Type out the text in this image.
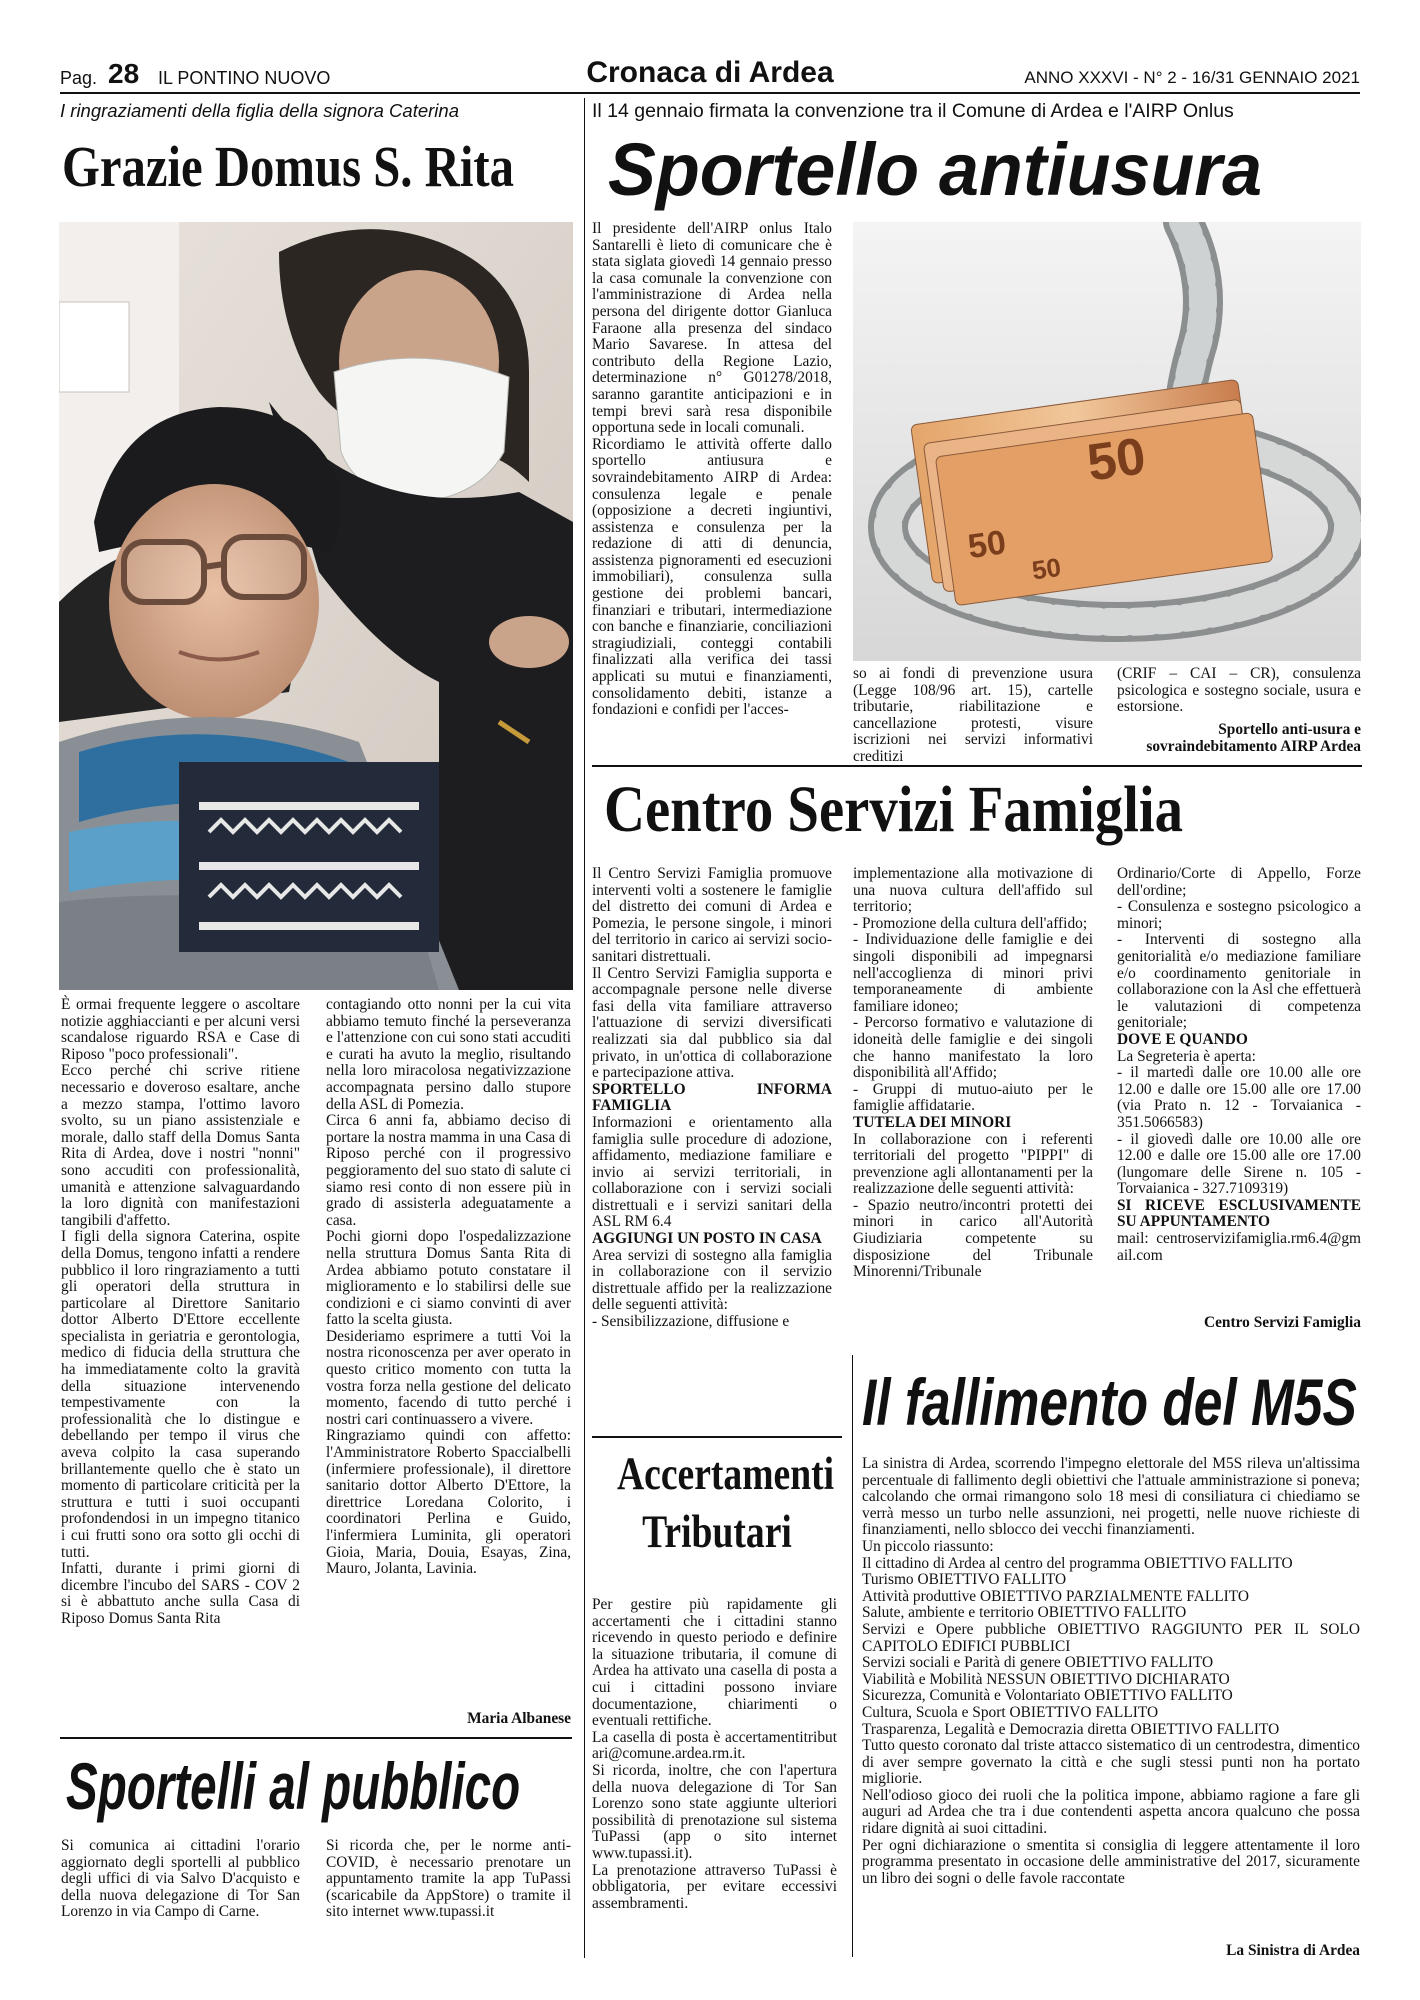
Pag. 28 IL PONTINO NUOVO	Cronaca di Ardea	ANNO XXXVI - N° 2 - 16/31 GENNAIO 2021
I ringraziamenti della figlia della signora Caterina
Grazie Domus S. Rita

È ormai frequente leggere o ascoltare notizie agghiaccianti e per alcuni versi scandalose riguardo RSA e Case di Riposo "poco professionali".

Ecco perché chi scrive ritiene necessario e doveroso esaltare, anche a mezzo stampa, l'ottimo lavoro svolto, su un piano assistenziale e morale, dallo staff della Domus Santa Rita di Ardea, dove i nostri "nonni" sono accuditi con professionalità, umanità e attenzione salvaguardando la loro dignità con manifestazioni tangibili d'affetto.

I figli della signora Caterina, ospite della Domus, tengono infatti a rendere pubblico il loro ringraziamento a tutti gli operatori della struttura in particolare al Direttore Sanitario dottor Alberto D'Ettore eccellente specialista in geriatria e gerontologia, medico di fiducia della struttura che ha immediatamente colto la gravità della situazione intervenendo tempestivamente con la professionalità che lo distingue e debellando per tempo il virus che aveva colpito la casa superando brillantemente quello che è stato un momento di particolare criticità per la struttura e tutti i suoi occupanti profondendosi in un impegno titanico i cui frutti sono ora sotto gli occhi di tutti.

Infatti, durante i primi giorni di dicembre l'incubo del SARS - COV 2 si è abbattuto anche sulla Casa di Riposo Domus Santa Rita

contagiando otto nonni per la cui vita abbiamo temuto finché la perseveranza e l'attenzione con cui sono stati accuditi e curati ha avuto la meglio, risultando nella loro miracolosa negativizzazione accompagnata persino dallo stupore della ASL di Pomezia.

Circa 6 anni fa, abbiamo deciso di portare la nostra mamma in una Casa di Riposo perché con il progressivo peggioramento del suo stato di salute ci siamo resi conto di non essere più in grado di assisterla adeguatamente a casa.

Pochi giorni dopo l'ospedalizzazione nella struttura Domus Santa Rita di Ardea abbiamo potuto constatare il miglioramento e lo stabilirsi delle sue condizioni e ci siamo convinti di aver fatto la scelta giusta.

Desideriamo esprimere a tutti Voi la nostra riconoscenza per aver operato in questo critico momento con tutta la vostra forza nella gestione del delicato momento, facendo di tutto perché i nostri cari continuassero a vivere.

Ringraziamo quindi con affetto: l'Amministratore Roberto Spaccialbelli (infermiere professionale), il direttore sanitario dottor Alberto D'Ettore, la direttrice Loredana Colorito, i coordinatori Perlina e Guido, l'infermiera Luminita, gli operatori Gioia, Maria, Douia, Esayas, Zina, Mauro, Jolanta, Lavinia.

Maria Albanese
Sportelli al pubblico

Si comunica ai cittadini l'orario aggiornato degli sportelli al pubblico degli uffici di via Salvo D'acquisto e della nuova delegazione di Tor San Lorenzo in via Campo di Carne.

Si ricorda che, per le norme anti-COVID, è necessario prenotare un appuntamento tramite la app TuPassi (scaricabile da AppStore) o tramite il sito internet www.tupassi.it

Il 14 gennaio firmata la convenzione tra il Comune di Ardea e l'AIRP Onlus
Sportello antiusura

Il presidente dell'AIRP onlus Italo Santarelli è lieto di comunicare che è stata siglata giovedì 14 gennaio presso la casa comunale la convenzione con l'amministrazione di Ardea nella persona del dirigente dottor Gianluca Faraone alla presenza del sindaco Mario Savarese. In attesa del contributo della Regione Lazio, determinazione n° G01278/2018, saranno garantite anticipazioni e in tempi brevi sarà resa disponibile opportuna sede in locali comunali.

Ricordiamo le attività offerte dallo sportello antiusura e sovraindebitamento AIRP di Ardea: consulenza legale e penale (opposizione a decreti ingiuntivi, assistenza e consulenza per la redazione di atti di denuncia, assistenza pignoramenti ed esecuzioni immobiliari), consulenza sulla gestione dei problemi bancari, finanziari e tributari, intermediazione con banche e finanziarie, conciliazioni stragiudiziali, conteggi contabili finalizzati alla verifica dei tassi applicati su mutui e finanziamenti, consolidamento debiti, istanze a fondazioni e confidi per l'acces-

50
50
50

so ai fondi di prevenzione usura (Legge 108/96 art. 15), cartelle tributarie, riabilitazione e cancellazione protesti, visure iscrizioni nei servizi informativi creditizi

(CRIF – CAI – CR), consulenza psicologica e sostegno sociale, usura e estorsione.

Sportello anti-usura e sovraindebitamento AIRP Ardea
Centro Servizi Famiglia

Il Centro Servizi Famiglia promuove interventi volti a sostenere le famiglie del distretto dei comuni di Ardea e Pomezia, le persone singole, i minori del territorio in carico ai servizi socio-sanitari distrettuali.

Il Centro Servizi Famiglia supporta e accompagnale persone nelle diverse fasi della vita familiare attraverso l'attuazione di servizi diversificati realizzati sia dal pubblico sia dal privato, in un'ottica di collaborazione e partecipazione attiva.

SPORTELLO INFORMA FAMIGLIA

Informazioni e orientamento alla famiglia sulle procedure di adozione, affidamento, mediazione familiare e invio ai servizi territoriali, in collaborazione con i servizi sociali distrettuali e i servizi sanitari della ASL RM 6.4

AGGIUNGI UN POSTO IN CASA

Area servizi di sostegno alla famiglia in collaborazione con il servizio distrettuale affido per la realizzazione delle seguenti attività:

- Sensibilizzazione, diffusione e

implementazione alla motivazione di una nuova cultura dell'affido sul territorio;

- Promozione della cultura dell'affido;

- Individuazione delle famiglie e dei singoli disponibili ad impegnarsi nell'accoglienza di minori privi temporaneamente di ambiente familiare idoneo;

- Percorso formativo e valutazione di idoneità delle famiglie e dei singoli che hanno manifestato la loro disponibilità all'Affido;

- Gruppi di mutuo-aiuto per le famiglie affidatarie.

TUTELA DEI MINORI

In collaborazione con i referenti territoriali del progetto "PIPPI" di prevenzione agli allontanamenti per la realizzazione delle seguenti attività:

- Spazio neutro/incontri protetti dei minori in carico all'Autorità Giudiziaria competente su disposizione del Tribunale Minorenni/Tribunale

Ordinario/Corte di Appello, Forze dell'ordine;

- Consulenza e sostegno psicologico a minori;

- Interventi di sostegno alla genitorialità e/o mediazione familiare e/o coordinamento genitoriale in collaborazione con la Asl che effettuerà le valutazioni di competenza genitoriale;

DOVE E QUANDO

La Segreteria è aperta:

- il martedì dalle ore 10.00 alle ore 12.00 e dalle ore 15.00 alle ore 17.00 (via Prato n. 12 - Torvaianica - 351.5066583)

- il giovedì dalle ore 10.00 alle ore 12.00 e dalle ore 15.00 alle ore 17.00 (lungomare delle Sirene n. 105 - Torvaianica - 327.7109319)

SI RICEVE ESCLUSIVAMENTE SU APPUNTAMENTO

mail: centroservizifamiglia.rm6.4@gmail.com

Centro Servizi Famiglia
Il fallimento del M5S

La sinistra di Ardea, scorrendo l'impegno elettorale del M5S rileva un'altissima percentuale di fallimento degli obiettivi che l'attuale amministrazione si poneva; calcolando che ormai rimangono solo 18 mesi di consiliatura ci chiediamo se verrà messo un turbo nelle assunzioni, nei progetti, nelle nuove richieste di finanziamenti, nello sblocco dei vecchi finanziamenti.

Un piccolo riassunto:

Il cittadino di Ardea al centro del programma OBIETTIVO FALLITO

Turismo OBIETTIVO FALLITO

Attività produttive OBIETTIVO PARZIALMENTE FALLITO

Salute, ambiente e territorio OBIETTIVO FALLITO

Servizi e Opere pubbliche OBIETTIVO RAGGIUNTO PER IL SOLO CAPITOLO EDIFICI PUBBLICI

Servizi sociali e Parità di genere OBIETTIVO FALLITO

Viabilità e Mobilità NESSUN OBIETTIVO DICHIARATO

Sicurezza, Comunità e Volontariato OBIETTIVO FALLITO

Cultura, Scuola e Sport OBIETTIVO FALLITO

Trasparenza, Legalità e Democrazia diretta OBIETTIVO FALLITO

Tutto questo coronato dal triste attacco sistematico di un centrodestra, dimentico di aver sempre governato la città e che sugli stessi punti non ha portato migliorie.

Nell'odioso gioco dei ruoli che la politica impone, abbiamo ragione a fare gli auguri ad Ardea che tra i due contendenti aspetta ancora qualcuno che possa ridare dignità ai suoi cittadini.

Per ogni dichiarazione o smentita si consiglia di leggere attentamente il loro programma presentato in occasione delle amministrative del 2017, sicuramente un libro dei sogni o delle favole raccontate

La Sinistra di Ardea
Accertamenti
Tributari

Per gestire più rapidamente gli accertamenti che i cittadini stanno ricevendo in questo periodo e definire la situazione tributaria, il comune di Ardea ha attivato una casella di posta a cui i cittadini possono inviare documentazione, chiarimenti o eventuali rettifiche.

La casella di posta è accertamentitributari@comune.ardea.rm.it.

Si ricorda, inoltre, che con l'apertura della nuova delegazione di Tor San Lorenzo sono state aggiunte ulteriori possibilità di prenotazione sul sistema TuPassi (app o sito internet www.tupassi.it).

La prenotazione attraverso TuPassi è obbligatoria, per evitare eccessivi assembramenti.
